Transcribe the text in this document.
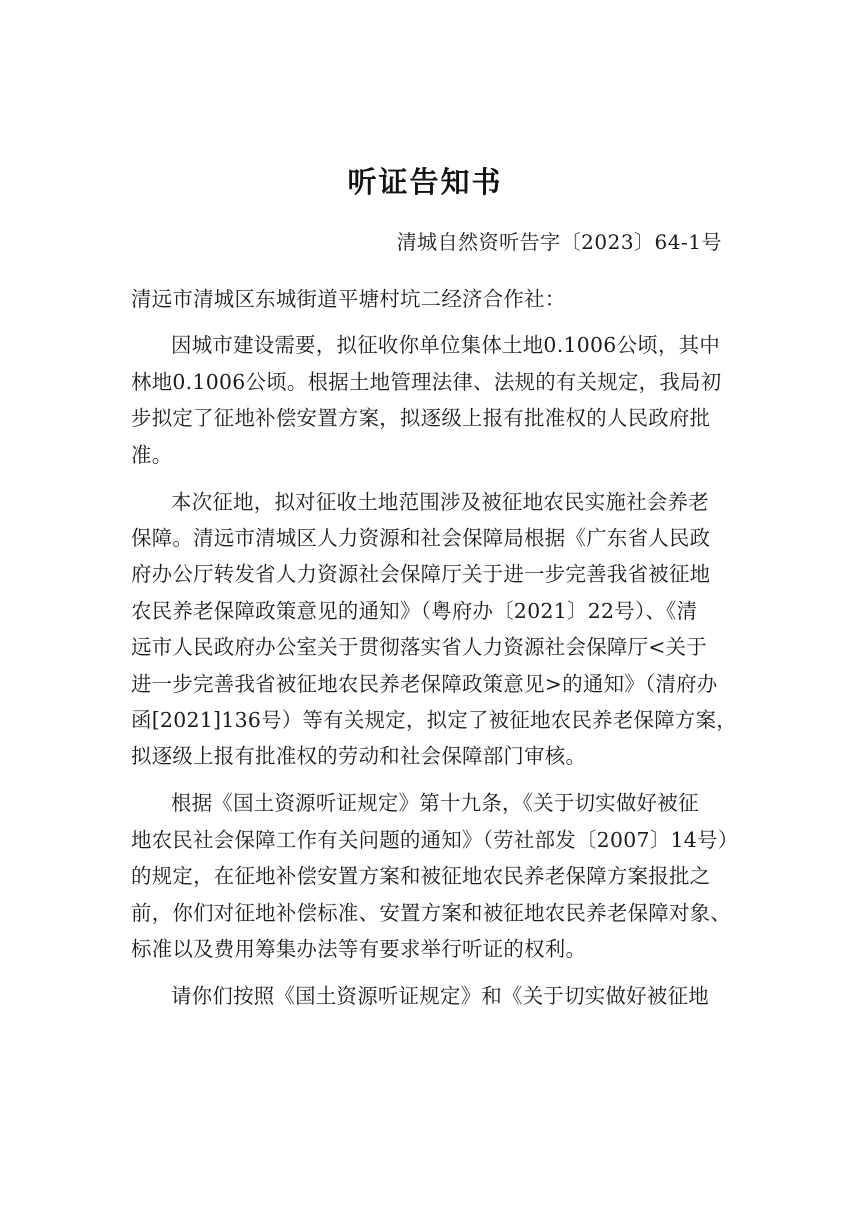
听证告知书
清城自然资听告字〔2023〕64-1号
清远市清城区东城街道平塘村坑二经济合作社：
因城市建设需要，拟征收你单位集体土地0.1006公顷，其中
林地0.1006公顷。根据土地管理法律、法规的有关规定，我局初
步拟定了征地补偿安置方案，拟逐级上报有批准权的人民政府批
准。
本次征地，拟对征收土地范围涉及被征地农民实施社会养老
保障。清远市清城区人力资源和社会保障局根据《广东省人民政
府办公厅转发省人力资源社会保障厅关于进一步完善我省被征地
农民养老保障政策意见的通知》（粤府办〔2021〕22号）、《清
远市人民政府办公室关于贯彻落实省人力资源社会保障厅<关于
进一步完善我省被征地农民养老保障政策意见>的通知》（清府办
函[2021]136号）等有关规定，拟定了被征地农民养老保障方案，
拟逐级上报有批准权的劳动和社会保障部门审核。
根据《国土资源听证规定》第十九条，《关于切实做好被征
地农民社会保障工作有关问题的通知》（劳社部发〔2007〕14号）
的规定，在征地补偿安置方案和被征地农民养老保障方案报批之
前，你们对征地补偿标准、安置方案和被征地农民养老保障对象、
标准以及费用筹集办法等有要求举行听证的权利。
请你们按照《国土资源听证规定》和《关于切实做好被征地
